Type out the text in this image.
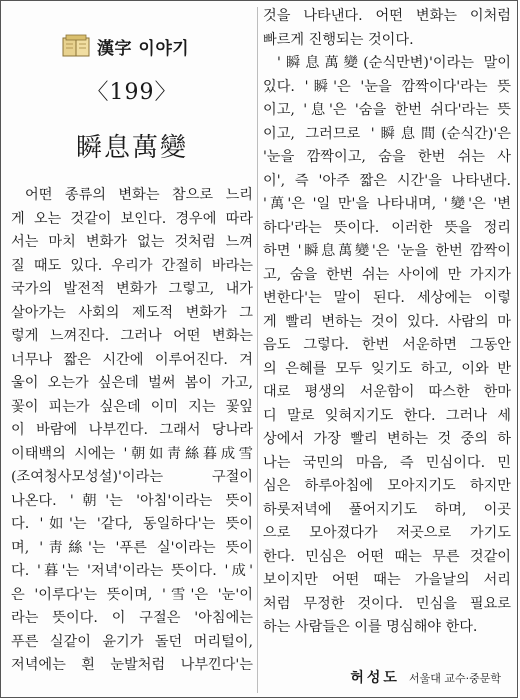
漢字 이야기
〈199〉
瞬息萬變
어떤 종류의 변화는 참으로 느리
게 오는 것같이 보인다. 경우에 따라
서는 마치 변화가 없는 것처럼 느껴
질 때도 있다. 우리가 간절히 바라는
국가의 발전적 변화가 그렇고, 내가
살아가는 사회의 제도적 변화가 그
렇게 느껴진다. 그러나 어떤 변화는
너무나 짧은 시간에 이루어진다. 겨
울이 오는가 싶은데 벌써 봄이 가고,
꽃이 피는가 싶은데 이미 지는 꽃잎
이 바람에 나부낀다. 그래서 당나라
이태백의 시에는 '朝如靑絲暮成雪
(조여청사모성설)'이라는 구절이
나온다. '朝'는 '아침'이라는 뜻이
다. '如'는 '같다, 동일하다'는 뜻이
며, '靑絲'는 '푸른 실'이라는 뜻이
다. '暮'는 '저녁'이라는 뜻이다. '成'
은 '이루다'는 뜻이며, '雪'은 '눈'이
라는 뜻이다. 이 구절은 '아침에는
푸른 실같이 윤기가 돌던 머리털이,
저녁에는 흰 눈발처럼 나부낀다'는
것을 나타낸다. 어떤 변화는 이처럼
빠르게 진행되는 것이다.
'瞬息萬變(순식만변)'이라는 말이
있다. '瞬'은 '눈을 깜짝이다'라는 뜻
이고, '息'은 '숨을 한번 쉬다'라는 뜻
이고, 그러므로 '瞬息間(순식간)'은
'눈을 깜짝이고, 숨을 한번 쉬는 사
이', 즉 '아주 짧은 시간'을 나타낸다.
'萬'은 '일 만'을 나타내며, '變'은 '변
하다'라는 뜻이다. 이러한 뜻을 정리
하면 '瞬息萬變'은 '눈을 한번 깜짝이
고, 숨을 한번 쉬는 사이에 만 가지가
변한다'는 말이 된다. 세상에는 이렇
게 빨리 변하는 것이 있다. 사람의 마
음도 그렇다. 한번 서운하면 그동안
의 은혜를 모두 잊기도 하고, 이와 반
대로 평생의 서운함이 따스한 한마
디 말로 잊혀지기도 한다. 그러나 세
상에서 가장 빨리 변하는 것 중의 하
나는 국민의 마음, 즉 민심이다. 민
심은 하루아침에 모아지기도 하지만
하룻저녁에 풀어지기도 하며, 이곳
으로 모아졌다가 저곳으로 가기도
한다. 민심은 어떤 때는 무른 것같이
보이지만 어떤 때는 가을날의 서리
처럼 무정한 것이다. 민심을 필요로
하는 사람들은 이를 명심해야 한다.
허성도 서울대 교수·중문학
